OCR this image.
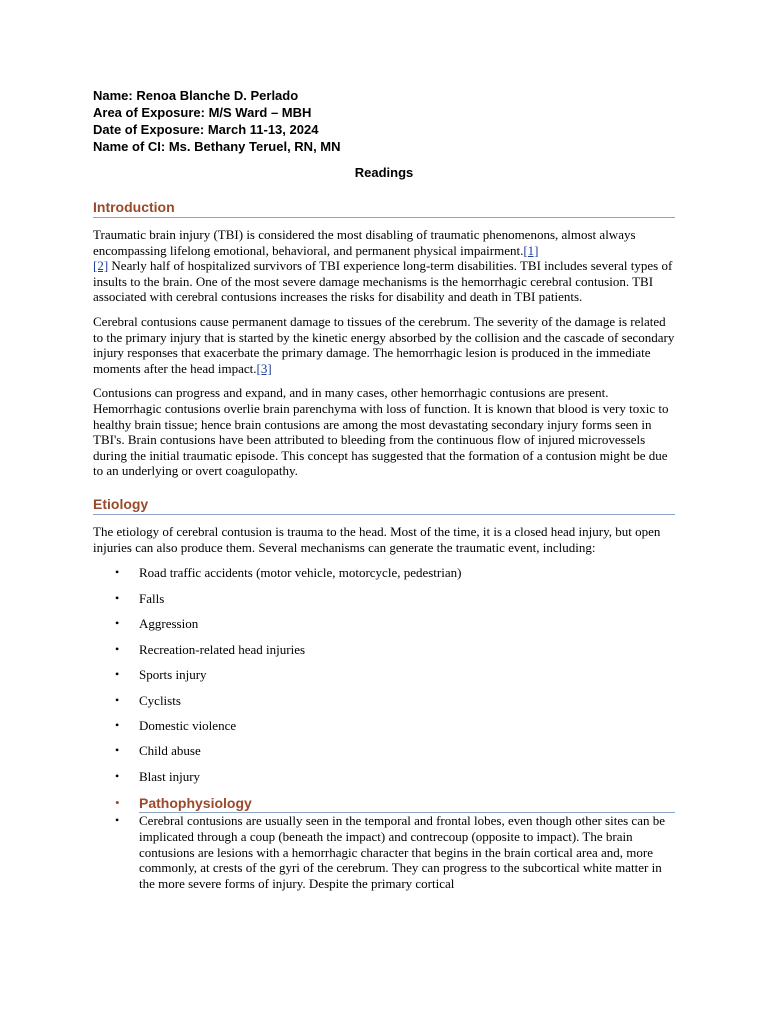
Name: Renoa Blanche D. Perlado
Area of Exposure: M/S Ward – MBH
Date of Exposure: March 11-13, 2024
Name of CI: Ms. Bethany Teruel, RN, MN
Readings
Introduction

Traumatic brain injury (TBI) is considered the most disabling of traumatic phenomenons, almost always encompassing lifelong emotional, behavioral, and permanent physical impairment.[1]
[2] Nearly half of hospitalized survivors of TBI experience long-term disabilities. TBI includes several types of insults to the brain. One of the most severe damage mechanisms is the hemorrhagic cerebral contusion. TBI associated with cerebral contusions increases the risks for disability and death in TBI patients.

Cerebral contusions cause permanent damage to tissues of the cerebrum. The severity of the damage is related to the primary injury that is started by the kinetic energy absorbed by the collision and the cascade of secondary injury responses that exacerbate the primary damage. The hemorrhagic lesion is produced in the immediate moments after the head impact.[3]

Contusions can progress and expand, and in many cases, other hemorrhagic contusions are present. Hemorrhagic contusions overlie brain parenchyma with loss of function. It is known that blood is very toxic to healthy brain tissue; hence brain contusions are among the most devastating secondary injury forms seen in TBI's. Brain contusions have been attributed to bleeding from the continuous flow of injured microvessels during the initial traumatic episode. This concept has suggested that the formation of a contusion might be due to an underlying or overt coagulopathy.

Etiology

The etiology of cerebral contusion is trauma to the head. Most of the time, it is a closed head injury, but open injuries can also produce them. Several mechanisms can generate the traumatic event, including:

• Road traffic accidents (motor vehicle, motorcycle, pedestrian)
• Falls
• Aggression
• Recreation-related head injuries
• Sports injury
• Cyclists
• Domestic violence
• Child abuse
• Blast injury
• Pathophysiology
• Cerebral contusions are usually seen in the temporal and frontal lobes, even though other sites can be implicated through a coup (beneath the impact) and contrecoup (opposite to impact). The brain contusions are lesions with a hemorrhagic character that begins in the brain cortical area and, more commonly, at crests of the gyri of the cerebrum. They can progress to the subcortical white matter in the more severe forms of injury. Despite the primary cortical
